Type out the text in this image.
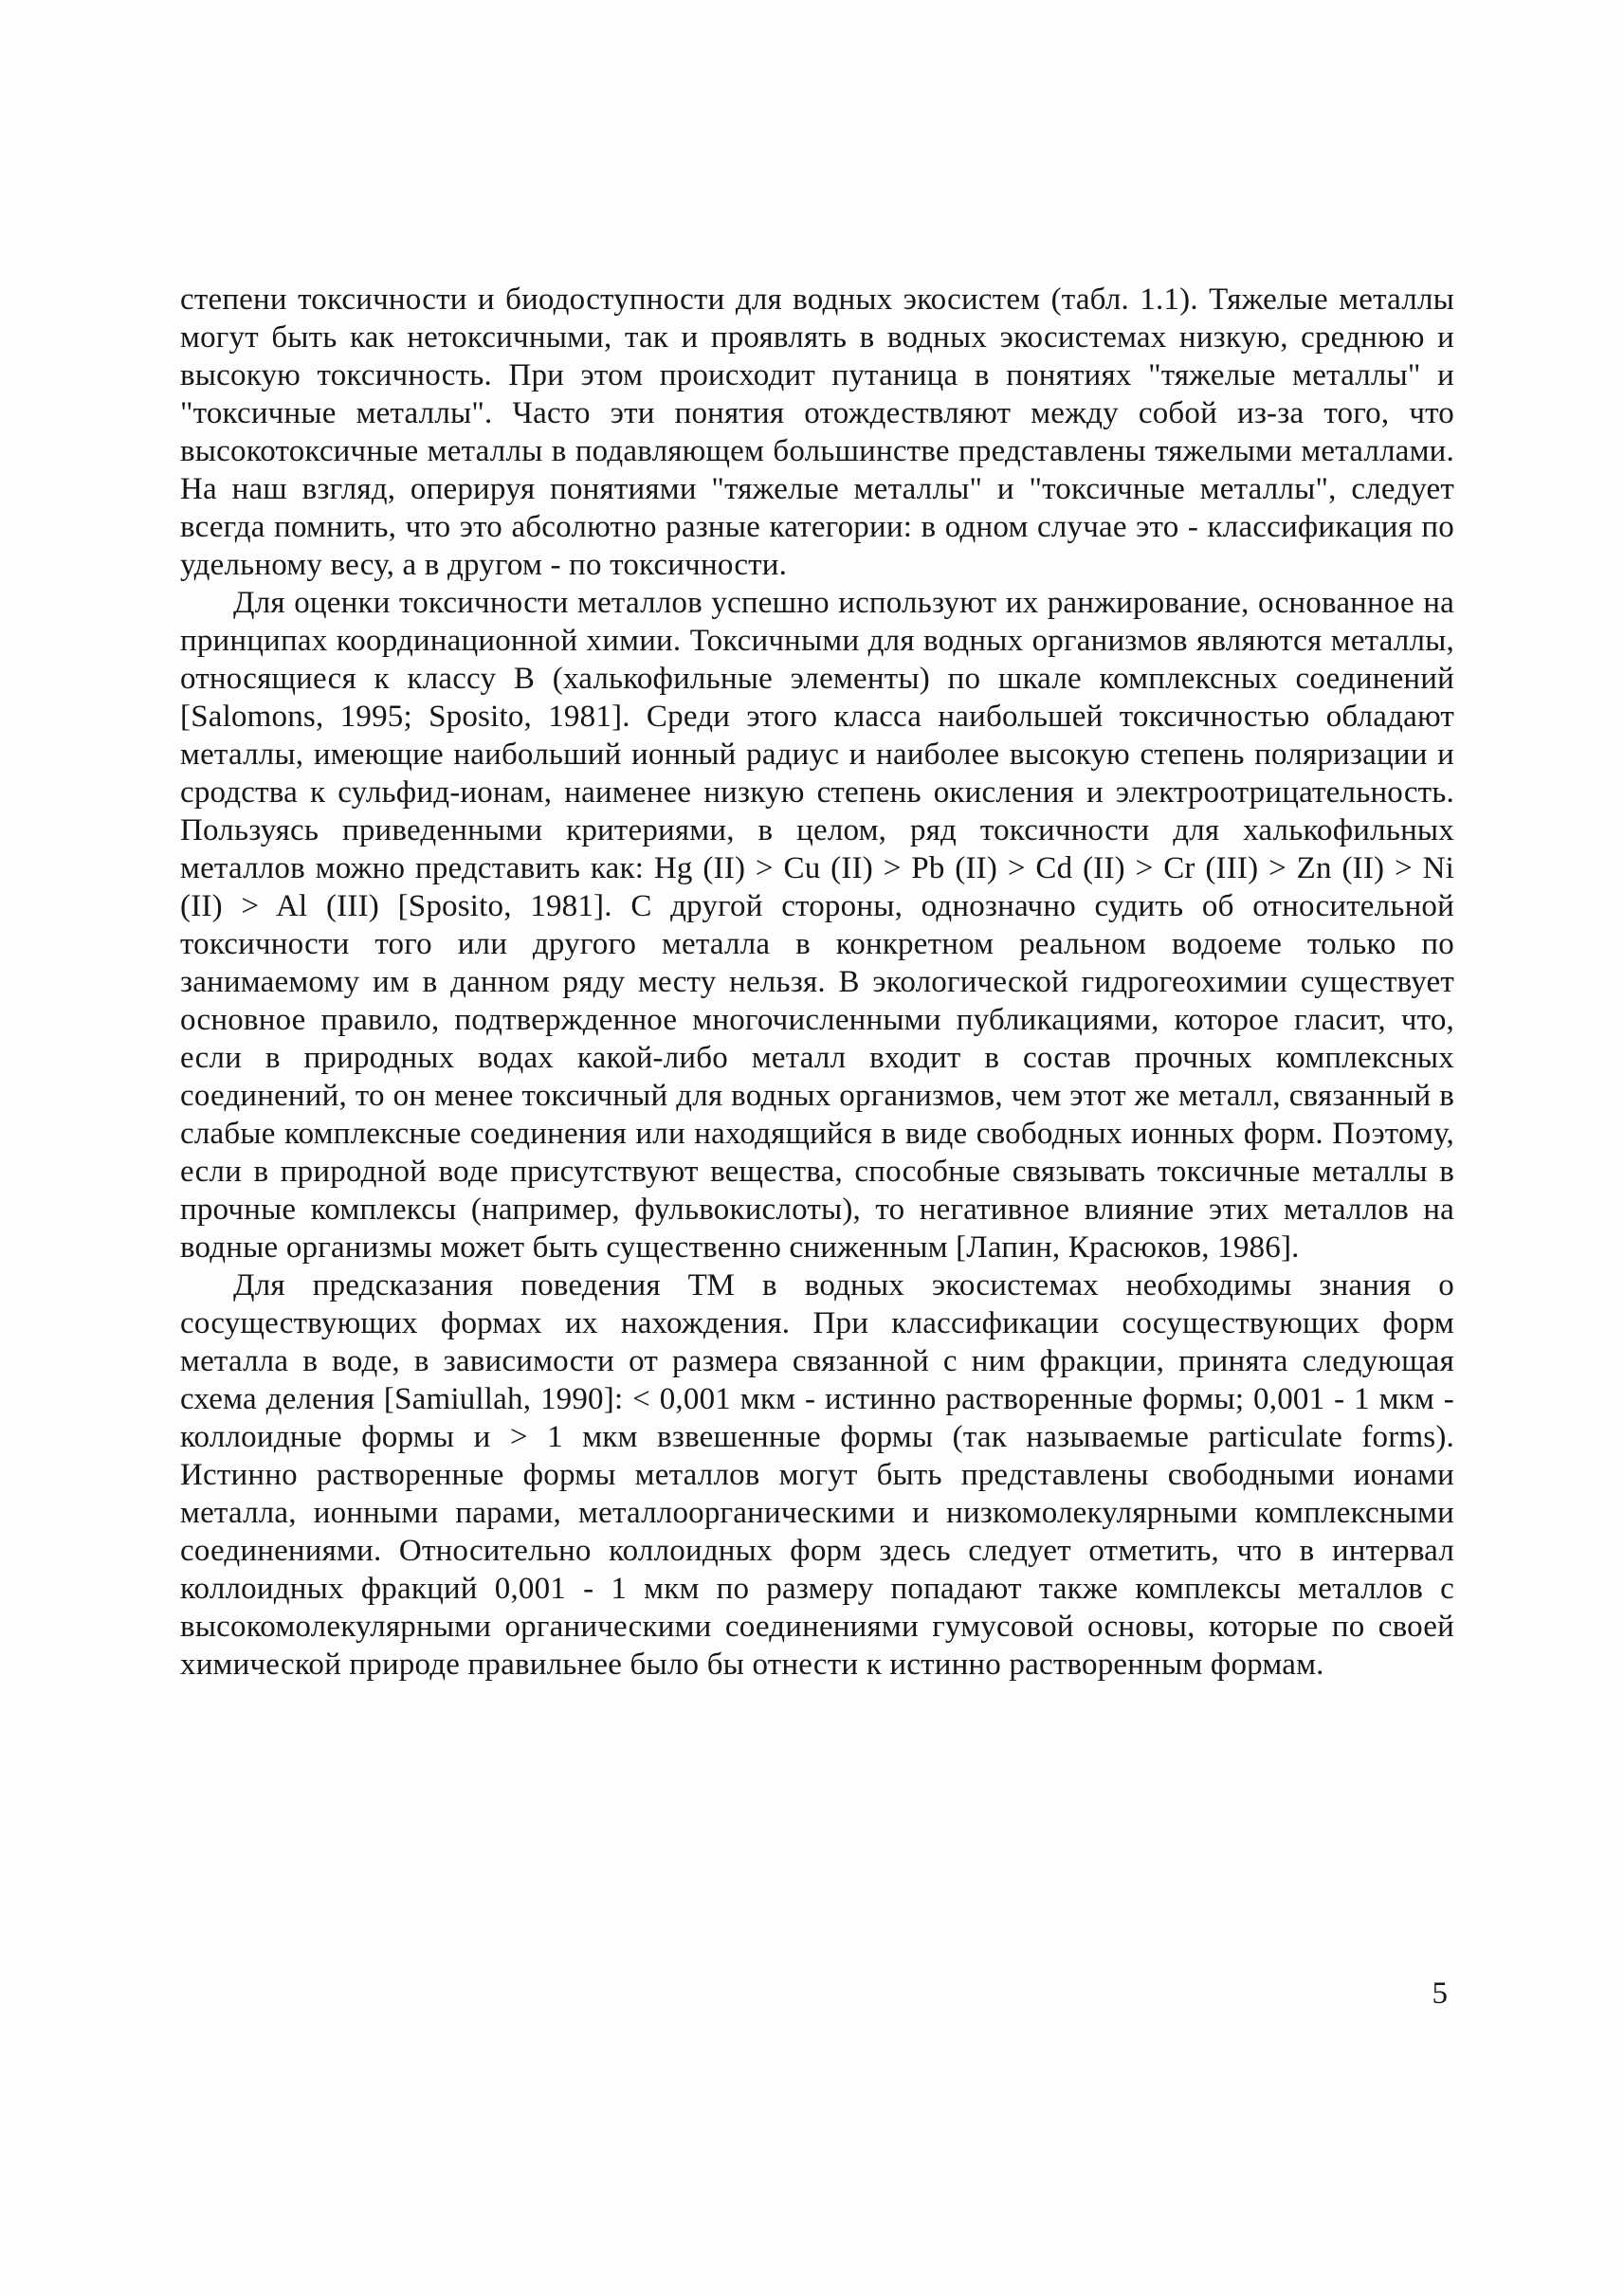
степени токсичности и биодоступности для водных экосистем (табл. 1.1). Тяжелые металлы могут быть как нетоксичными, так и проявлять в водных экосистемах низкую, среднюю и высокую токсичность. При этом происходит путаница в понятиях "тяжелые металлы" и "токсичные металлы". Часто эти понятия отождествляют между собой из-за того, что высокотоксичные металлы в подавляющем большинстве представлены тяжелыми металлами. На наш взгляд, оперируя понятиями "тяжелые металлы" и "токсичные металлы", следует всегда помнить, что это абсолютно разные категории: в одном случае это - классификация по удельному весу, а в другом - по токсичности.

Для оценки токсичности металлов успешно используют их ранжирование, основанное на принципах координационной химии. Токсичными для водных организмов являются металлы, относящиеся к классу B (халькофильные элементы) по шкале комплексных соединений [Salomons, 1995; Sposito, 1981]. Среди этого класса наибольшей токсичностью обладают металлы, имеющие наибольший ионный радиус и наиболее высокую степень поляризации и сродства к сульфид-ионам, наименее низкую степень окисления и электроотрицательность. Пользуясь приведенными критериями, в целом, ряд токсичности для халькофильных металлов можно представить как: Hg (II) > Cu (II) > Pb (II) > Cd (II) > Cr (III) > Zn (II) > Ni (II) > Al (III) [Sposito, 1981]. С другой стороны, однозначно судить об относительной токсичности того или другого металла в конкретном реальном водоеме только по занимаемому им в данном ряду месту нельзя. В экологической гидрогеохимии существует основное правило, подтвержденное многочисленными публикациями, которое гласит, что, если в природных водах какой-либо металл входит в состав прочных комплексных соединений, то он менее токсичный для водных организмов, чем этот же металл, связанный в слабые комплексные соединения или находящийся в виде свободных ионных форм. Поэтому, если в природной воде присутствуют вещества, способные связывать токсичные металлы в прочные комплексы (например, фульвокислоты), то негативное влияние этих металлов на водные организмы может быть существенно сниженным [Лапин, Красюков, 1986].

Для предсказания поведения ТМ в водных экосистемах необходимы знания о сосуществующих формах их нахождения. При классификации сосуществующих форм металла в воде, в зависимости от размера связанной с ним фракции, принята следующая схема деления [Samiullah, 1990]: < 0,001 мкм - истинно растворенные формы; 0,001 - 1 мкм - коллоидные формы и > 1 мкм взвешенные формы (так называемые particulate forms). Истинно растворенные формы металлов могут быть представлены свободными ионами металла, ионными парами, металлоорганическими и низкомолекулярными комплексными соединениями. Относительно коллоидных форм здесь следует отметить, что в интервал коллоидных фракций 0,001 - 1 мкм по размеру попадают также комплексы металлов с высокомолекулярными органическими соединениями гумусовой основы, которые по своей химической природе правильнее было бы отнести к истинно растворенным формам.

5
